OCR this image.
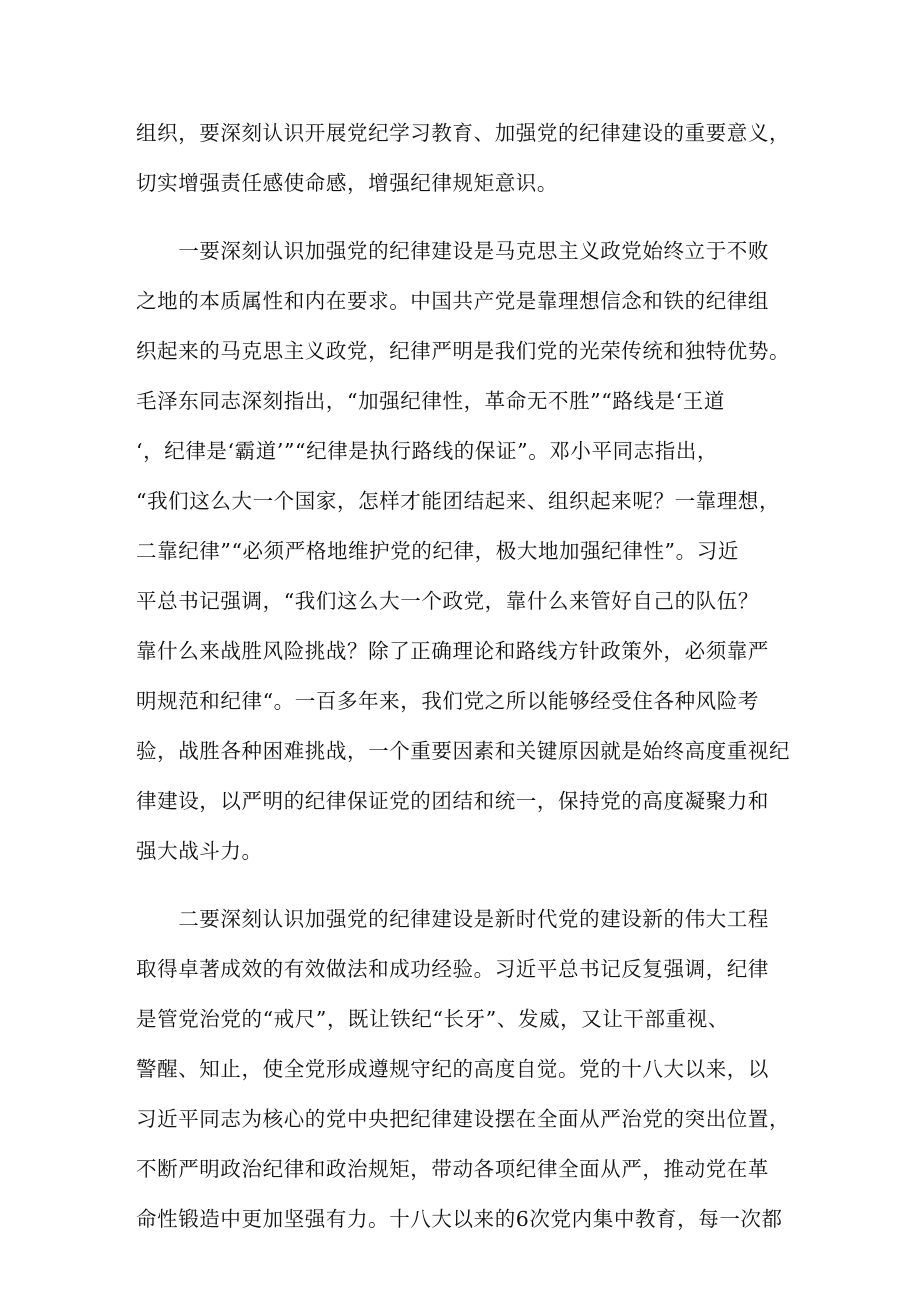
组织，要深刻认识开展党纪学习教育、加强党的纪律建设的重要意义，
切实增强责任感使命感，增强纪律规矩意识。
　　一要深刻认识加强党的纪律建设是马克思主义政党始终立于不败
之地的本质属性和内在要求。中国共产党是靠理想信念和铁的纪律组
织起来的马克思主义政党，纪律严明是我们党的光荣传统和独特优势。
毛泽东同志深刻指出，“加强纪律性，革命无不胜”“路线是‘王道
‘，纪律是‘霸道’”“纪律是执行路线的保证”。邓小平同志指出，
“我们这么大一个国家，怎样才能团结起来、组织起来呢？一靠理想，
二靠纪律”“必须严格地维护党的纪律，极大地加强纪律性”。习近
平总书记强调，“我们这么大一个政党，靠什么来管好自己的队伍？
靠什么来战胜风险挑战？除了正确理论和路线方针政策外，必须靠严
明规范和纪律“。一百多年来，我们党之所以能够经受住各种风险考
验，战胜各种困难挑战，一个重要因素和关键原因就是始终高度重视纪
律建设，以严明的纪律保证党的团结和统一，保持党的高度凝聚力和
强大战斗力。
　　二要深刻认识加强党的纪律建设是新时代党的建设新的伟大工程
取得卓著成效的有效做法和成功经验。习近平总书记反复强调，纪律
是管党治党的“戒尺”，既让铁纪“长牙”、发威，又让干部重视、
警醒、知止，使全党形成遵规守纪的高度自觉。党的十八大以来，以
习近平同志为核心的党中央把纪律建设摆在全面从严治党的突出位置，
不断严明政治纪律和政治规矩，带动各项纪律全面从严，推动党在革
命性锻造中更加坚强有力。十八大以来的6次党内集中教育，每一次都
